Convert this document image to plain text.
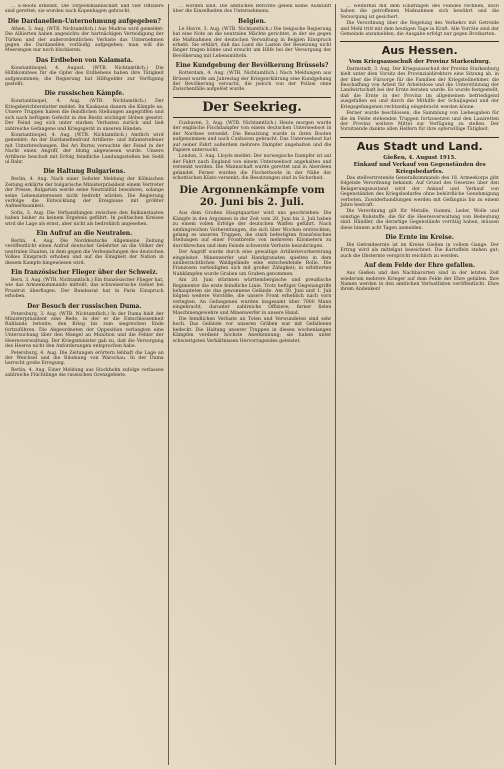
... E-Boots erkennt. Die Torpedomannschaft und vier Offiziere sind gerettet; sie wurden nach Kopenhagen gebracht.

Die Dardanellen-Unternehmung aufgegeben?

Athen, 3. Aug. (WTB. Nichtamtlich.) Aus Mudros wird gemeldet: Die Alliierten haben angesichts der hartnäckigen Verteidigung der Türken und der außerordentlichen Verluste das Unternehmen gegen die Dardanellen vorläufig aufgegeben; man will die Meerengen nur noch blockieren.

Das Erdbeben von Kalamata.

Konstantinopel, 4. August. (WTB. Nichtamtlich.) Die Hilfskomitees für die Opfer des Erdbebens haben ihre Tätigkeit aufgenommen; die Regierung hat Hilfsgelder zur Verfügung gestellt.

Die russischen Kämpfe.

Konstantinopel, 4. Aug. (WTB. Nichtamtlich.) Der Kriegsberichterstatter meldet: Im Kaukasus dauern die Kämpfe an. Unsere Truppen haben die feindlichen Stellungen angegriffen und sich nach heftigem Gefecht in den Besitz wichtiger Höhen gesetzt. Der Feind zog sich unter starken Verlusten zurück und ließ zahlreiche Gefangene und Kriegsgerät in unseren Händen.

Konstantinopel, 4. Aug. (WTB. Nichtamtlich.) Amtlich wird gemeldet: An der Dardanellenfront Artillerie- und Infanteriefeuer mit Unterbrechungen. Bei Ari Burnu versuchte der Feind in der Nacht einen Angriff, der blutig abgewiesen wurde. Unsere Artillerie beschoß mit Erfolg feindliche Landungsstellen bei Sedd ul Bahr.

Die Haltung Bulgariens.

Berlin, 4. Aug. Nach einer Sofioter Meldung der Kölnischen Zeitung erklärte der bulgarische Ministerpräsident einem Vertreter der Presse, Bulgarien werde seine Neutralität bewahren, solange seine Lebensinteressen nicht bedroht würden. Die Regierung verfolge die Entwicklung der Ereignisse mit größter Aufmerksamkeit.

Sofia, 3. Aug. Die Verhandlungen zwischen den Balkanstaaten haben bisher zu keinem Ergebnis geführt. In politischen Kreisen wird die Lage als ernst, aber nicht als bedrohlich angesehen.

Ein Aufruf an die Neutralen.

Berlin, 4. Aug. Die Norddeutsche Allgemeine Zeitung veröffentlicht einen Aufruf deutscher Gelehrter an die Völker der neutralen Staaten, in dem gegen die Verleumdungen des deutschen Volkes Einspruch erhoben und auf die Einigkeit der Nation in diesem Kampfe hingewiesen wird.

Ein französischer Flieger über der Schweiz.

Bern, 3. Aug. (WTB. Nichtamtlich.) Ein französischer Flieger hat, wie das Armeekommando mitteilt, das schweizerische Gebiet bei Pruntrut überflogen. Der Bundesrat hat in Paris Einspruch erhoben.

Der Besuch der russischen Duma.

Petersburg, 3. Aug. (WTB. Nichtamtlich.) In der Duma hielt der Ministerpräsident eine Rede, in der er die Entschlossenheit Rußlands betonte, den Krieg bis zum siegreichen Ende fortzuführen. Die Abgeordneten der Opposition verlangten eine Untersuchung über den Mangel an Munition und die Fehler der Heeresverwaltung. Der Kriegsminister gab zu, daß die Versorgung des Heeres nicht den Anforderungen entsprochen habe.

Petersburg, 4. Aug. Die Zeitungen erörtern lebhaft die Lage an der Weichsel und die Räumung von Warschau. In der Duma herrscht große Erregung.

Berlin, 4. Aug. Einer Meldung aus Stockholm zufolge verlassen zahlreiche Flüchtlinge die russischen Grenzgebiete.

... worden sind. Die amtlichen Berichte geben keine Auskunft über die Einzelheiten des Unternehmens.

Belgien.

Le Havre, 3. Aug. (WTB. Nichtamtlich.) Die belgische Regierung hat eine Note an die neutralen Mächte gerichtet, in der sie gegen die Maßnahmen der deutschen Verwaltung in Belgien Einspruch erhebt. Sie erklärt, daß das Land die Lasten der Besetzung nicht länger tragen könne und ersucht um Hilfe bei der Versorgung der Bevölkerung mit Lebensmitteln.

Eine Kundgebung der Bevölkerung Brüssels?

Rotterdam, 4. Aug. (WTB. Nichtamtlich.) Nach Meldungen aus Brüssel wurde am Jahrestag der Kriegserklärung eine Kundgebung der Bevölkerung versucht, die jedoch von der Polizei ohne Zwischenfälle aufgelöst wurde.

Der Seekrieg.

Cuxhaven, 3. Aug. (WTB. Nichtamtlich.) Heute morgen wurde der englische Fischdampfer von einem deutschen Unterseeboot in der Nordsee versenkt. Die Besatzung wurde in ihren Booten aufgenommen und nach Cuxhaven gebracht. Das Unterseeboot hat auf seiner Fahrt außerdem mehrere Dampfer angehalten und die Papiere untersucht.

London, 3. Aug. Lloyds meldet: Der norwegische Dampfer ist auf der Fahrt nach England von einem Unterseeboot angehalten und versenkt worden. Die Mannschaft wurde gerettet und in Aberdeen gelandet. Ferner wurden die Fischerboote in der Nähe der schottischen Küste versenkt; die Besatzungen sind in Sicherheit.

Die Argonnenkämpfe vom 20. Juni bis 2. Juli.

Aus dem Großen Hauptquartier wird uns geschrieben: Die Kämpfe in den Argonnen in der Zeit vom 20. Juni bis 2. Juli haben zu einem vollen Erfolge der deutschen Waffen geführt. Nach umfangreichen Vorbereitungen, die sich über Wochen erstreckten, gelang es unseren Truppen, die stark befestigten französischen Stellungen auf einer Frontbreite von mehreren Kilometern zu durchbrechen und dem Feinde schwerste Verluste beizubringen.

Der Angriff wurde durch eine gewaltige Artillerievorbereitung eingeleitet. Minenwerfer und Handgranaten spielten in dem unübersichtlichen Waldgelände eine entscheidende Rolle. Die Franzosen verteidigten sich mit großer Zähigkeit; in erbitterten Nahkämpfen wurde Graben um Graben genommen.

Am 20. Juni stürmten württembergische und preußische Regimenter die erste feindliche Linie. Trotz heftiger Gegenangriffe behaupteten sie das gewonnene Gelände. Am 30. Juni und 1. Juli folgten weitere Vorstöße, die unsere Front erheblich nach vorn verlegten. An Gefangenen wurden insgesamt über 7000 Mann eingebracht, darunter zahlreiche Offiziere; ferner fielen Maschinengewehre und Minenwerfer in unsere Hand.

Die feindlichen Verluste an Toten und Verwundeten sind sehr hoch. Das Gelände vor unseren Gräben war mit Gefallenen bedeckt. Die Haltung unserer Truppen in diesen wochenlangen Kämpfen verdient höchste Anerkennung; sie haben unter schwierigsten Verhältnissen Hervorragendes geleistet.

... weiterhin mit dem Eindringen des Feindes rechnen, doch haben die getroffenen Maßnahmen sich bewährt und die Versorgung ist gesichert.

Die Verordnung über die Regelung des Verkehrs mit Getreide und Mehl tritt mit dem heutigen Tage in Kraft. Alle Vorräte sind der Gemeinde anzumelden; die Ausgabe erfolgt nur gegen Brotkarten.

Aus Hessen.
Vom Kriegsausschuß der Provinz Starkenburg.

Darmstadt, 3. Aug. Der Kriegsausschuß der Provinz Starkenburg hielt unter dem Vorsitz des Provinzialdirektors eine Sitzung ab, in der über die Fürsorge für die Familien der Kriegsteilnehmer, die Beschaffung von Arbeit für Arbeitslose und die Unterstützung der Landwirtschaft bei der Ernte beraten wurde. Es wurde festgestellt, daß die Ernte in der Provinz im allgemeinen befriedigend ausgefallen sei und durch die Mithilfe der Schuljugend und der Kriegsgefangenen rechtzeitig eingebracht werden könne.

Ferner wurde beschlossen, die Sammlung von Liebesgaben für die im Felde stehenden Truppen fortzusetzen und den Lazaretten der Provinz weitere Mittel zur Verfügung zu stellen. Der Vorsitzende dankte allen Helfern für ihre opferwillige Tätigkeit.

Aus Stadt und Land.
Gießen, 4. August 1915.
Einkauf und Verkauf von Gegenständen des Kriegsbedarfes.

Das stellvertretende Generalkommando des 18. Armeekorps gibt folgende Verordnung bekannt: Auf Grund des Gesetzes über den Belagerungszustand wird der Ankauf und Verkauf von Gegenständen des Kriegsbedarfes ohne behördliche Genehmigung verboten. Zuwiderhandlungen werden mit Gefängnis bis zu einem Jahre bestraft.

Die Verordnung gilt für Metalle, Gummi, Leder, Wolle und sonstige Rohstoffe, die für die Heeresverwaltung von Bedeutung sind. Händler, die derartige Gegenstände vorrätig haben, müssen diese binnen acht Tagen anmelden.

Die Ernte im Kreise.

Die Getreideernte ist im Kreise Gießen in vollem Gange. Der Ertrag wird als mittelgut bezeichnet. Die Kartoffeln stehen gut; auch die Obsternte verspricht reichlich zu werden.

Auf dem Felde der Ehre gefallen.

Aus Gießen und den Nachbarorten sind in der letzten Zeit wiederum mehrere Krieger auf dem Felde der Ehre gefallen. Ihre Namen werden in den amtlichen Verlustlisten veröffentlicht. Ehre ihrem Andenken!
